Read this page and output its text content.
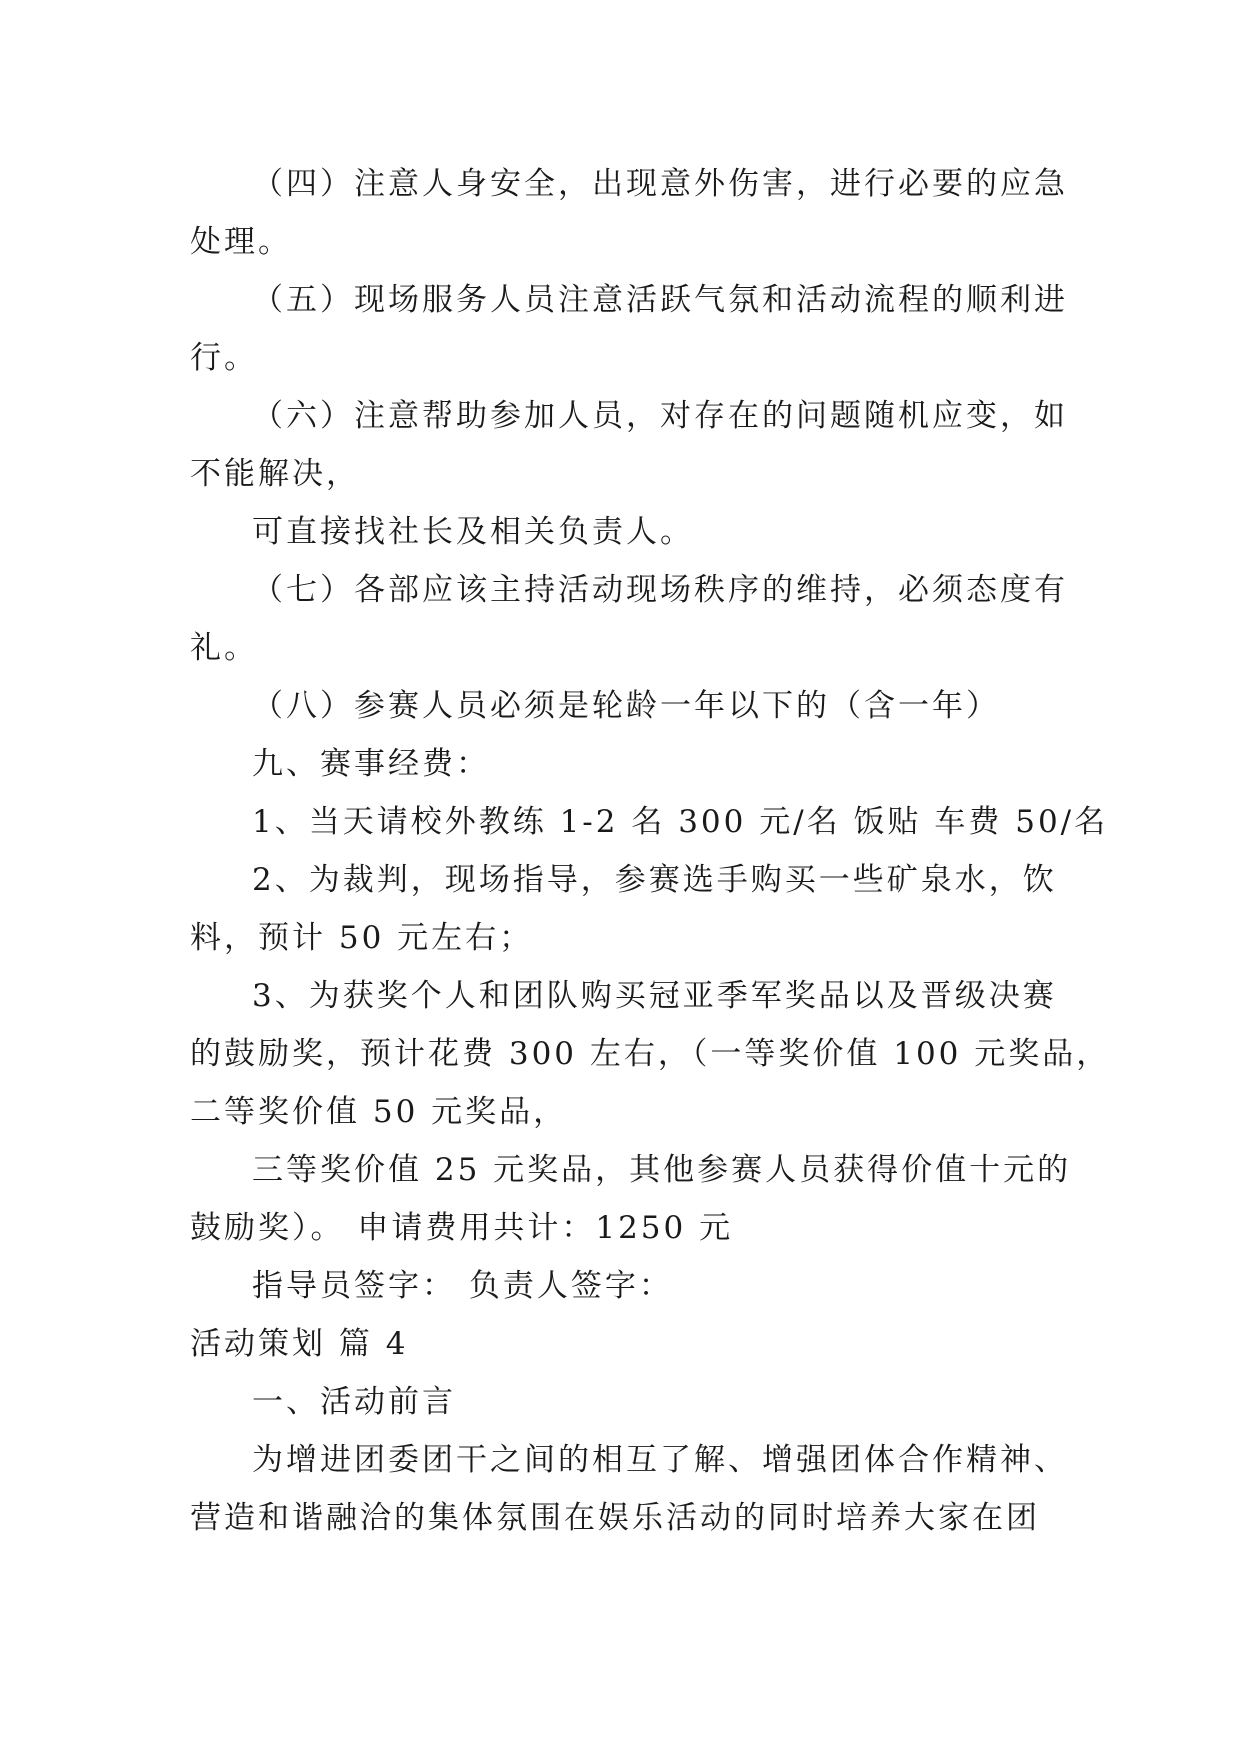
（四）注意人身安全，出现意外伤害，进行必要的应急
处理。
（五）现场服务人员注意活跃气氛和活动流程的顺利进
行。
（六）注意帮助参加人员，对存在的问题随机应变，如
不能解决，
可直接找社长及相关负责人。
（七）各部应该主持活动现场秩序的维持，必须态度有
礼。
（八）参赛人员必须是轮龄一年以下的（含一年）
九、赛事经费：
1、当天请校外教练 1-2 名 300 元/名 饭贴 车费 50/名
2、为裁判，现场指导，参赛选手购买一些矿泉水，饮
料，预计 50 元左右；
3、为获奖个人和团队购买冠亚季军奖品以及晋级决赛
的鼓励奖，预计花费 300 左右，（一等奖价值 100 元奖品，
二等奖价值 50 元奖品，
三等奖价值 25 元奖品，其他参赛人员获得价值十元的
鼓励奖）。 申请费用共计：1250 元
指导员签字： 负责人签字：
活动策划 篇 4
一、活动前言
为增进团委团干之间的相互了解、增强团体合作精神、
营造和谐融洽的集体氛围在娱乐活动的同时培养大家在团
